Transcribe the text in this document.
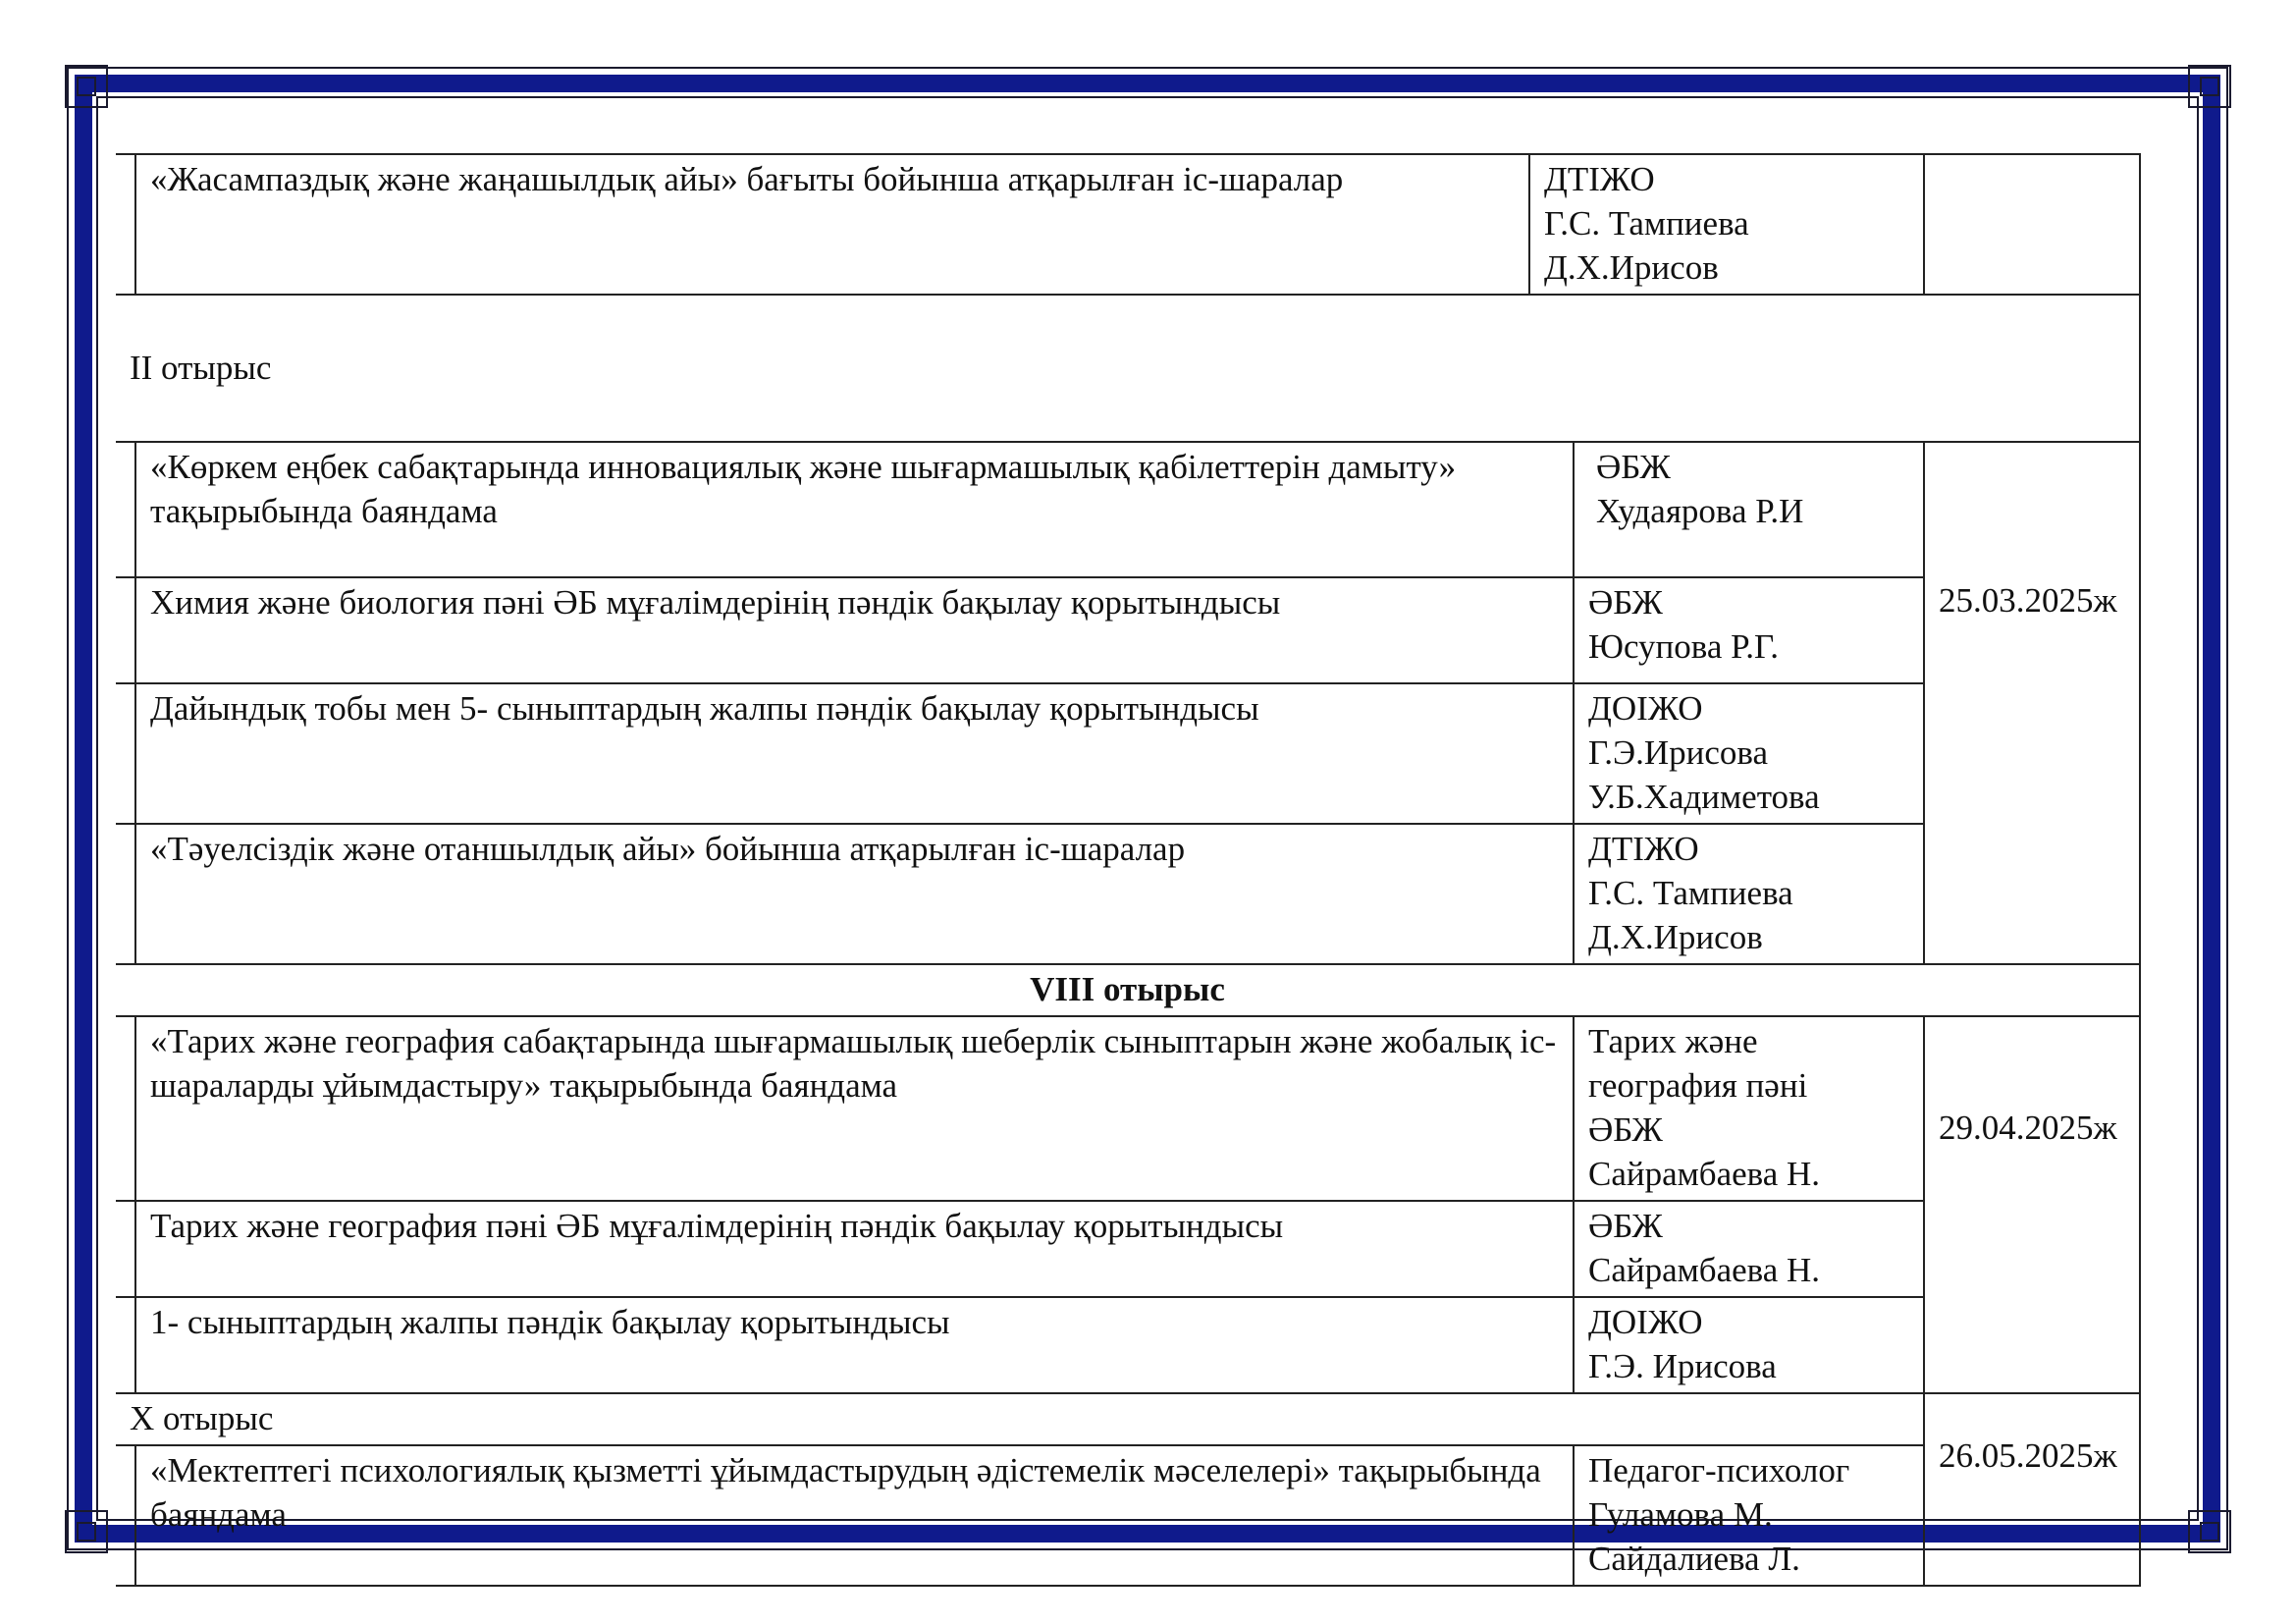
	«Жасампаздық және жаңашылдық айы» бағыты бойынша атқарылған іс-шаралар	ДТІЖО
Г.С. Тампиева
Д.Х.Ирисов		

ІІ отырыс				

	«Көркем еңбек сабақтарында инновациялық және шығармашылық қабілеттерін дамыту» тақырыбында баяндама		ӘБЖ
Худаярова Р.И	25.03.2025ж
	Химия және биология пәні ӘБ мұғалімдерінің пәндік бақылау қорытындысы		ӘБЖ
Юсупова Р.Г.	

	Дайындық тобы мен 5- сыныптардың жалпы пәндік бақылау қорытындысы		ДОІЖО
Г.Э.Ирисова
У.Б.Хадиметова	

	«Тәуелсіздік және отаншылдық айы» бойынша атқарылған іс-шаралар		ДТІЖО
Г.С. Тампиева
Д.Х.Ирисов	

VIII отырыс				
	«Тарих және география сабақтарында шығармашылық шеберлік сыныптарын және жобалық іс-шараларды ұйымдастыру» тақырыбында баяндама		Тарих және
география пәні
ӘБЖ
Сайрамбаева Н.	29.04.2025ж
	Тарих және география пәні ӘБ мұғалімдерінің пәндік бақылау қорытындысы		ӘБЖ
Сайрамбаева Н.	

	1- сыныптардың жалпы пәндік бақылау қорытындысы		ДОІЖО
Г.Э. Ирисова	

X отырыс				26.05.2025ж
	«Мектептегі психологиялық қызметті ұйымдастырудың әдістемелік мәселелері» тақырыбында баяндама		Педагог-психолог
Гуламова М.
Сайдалиева Л.	
